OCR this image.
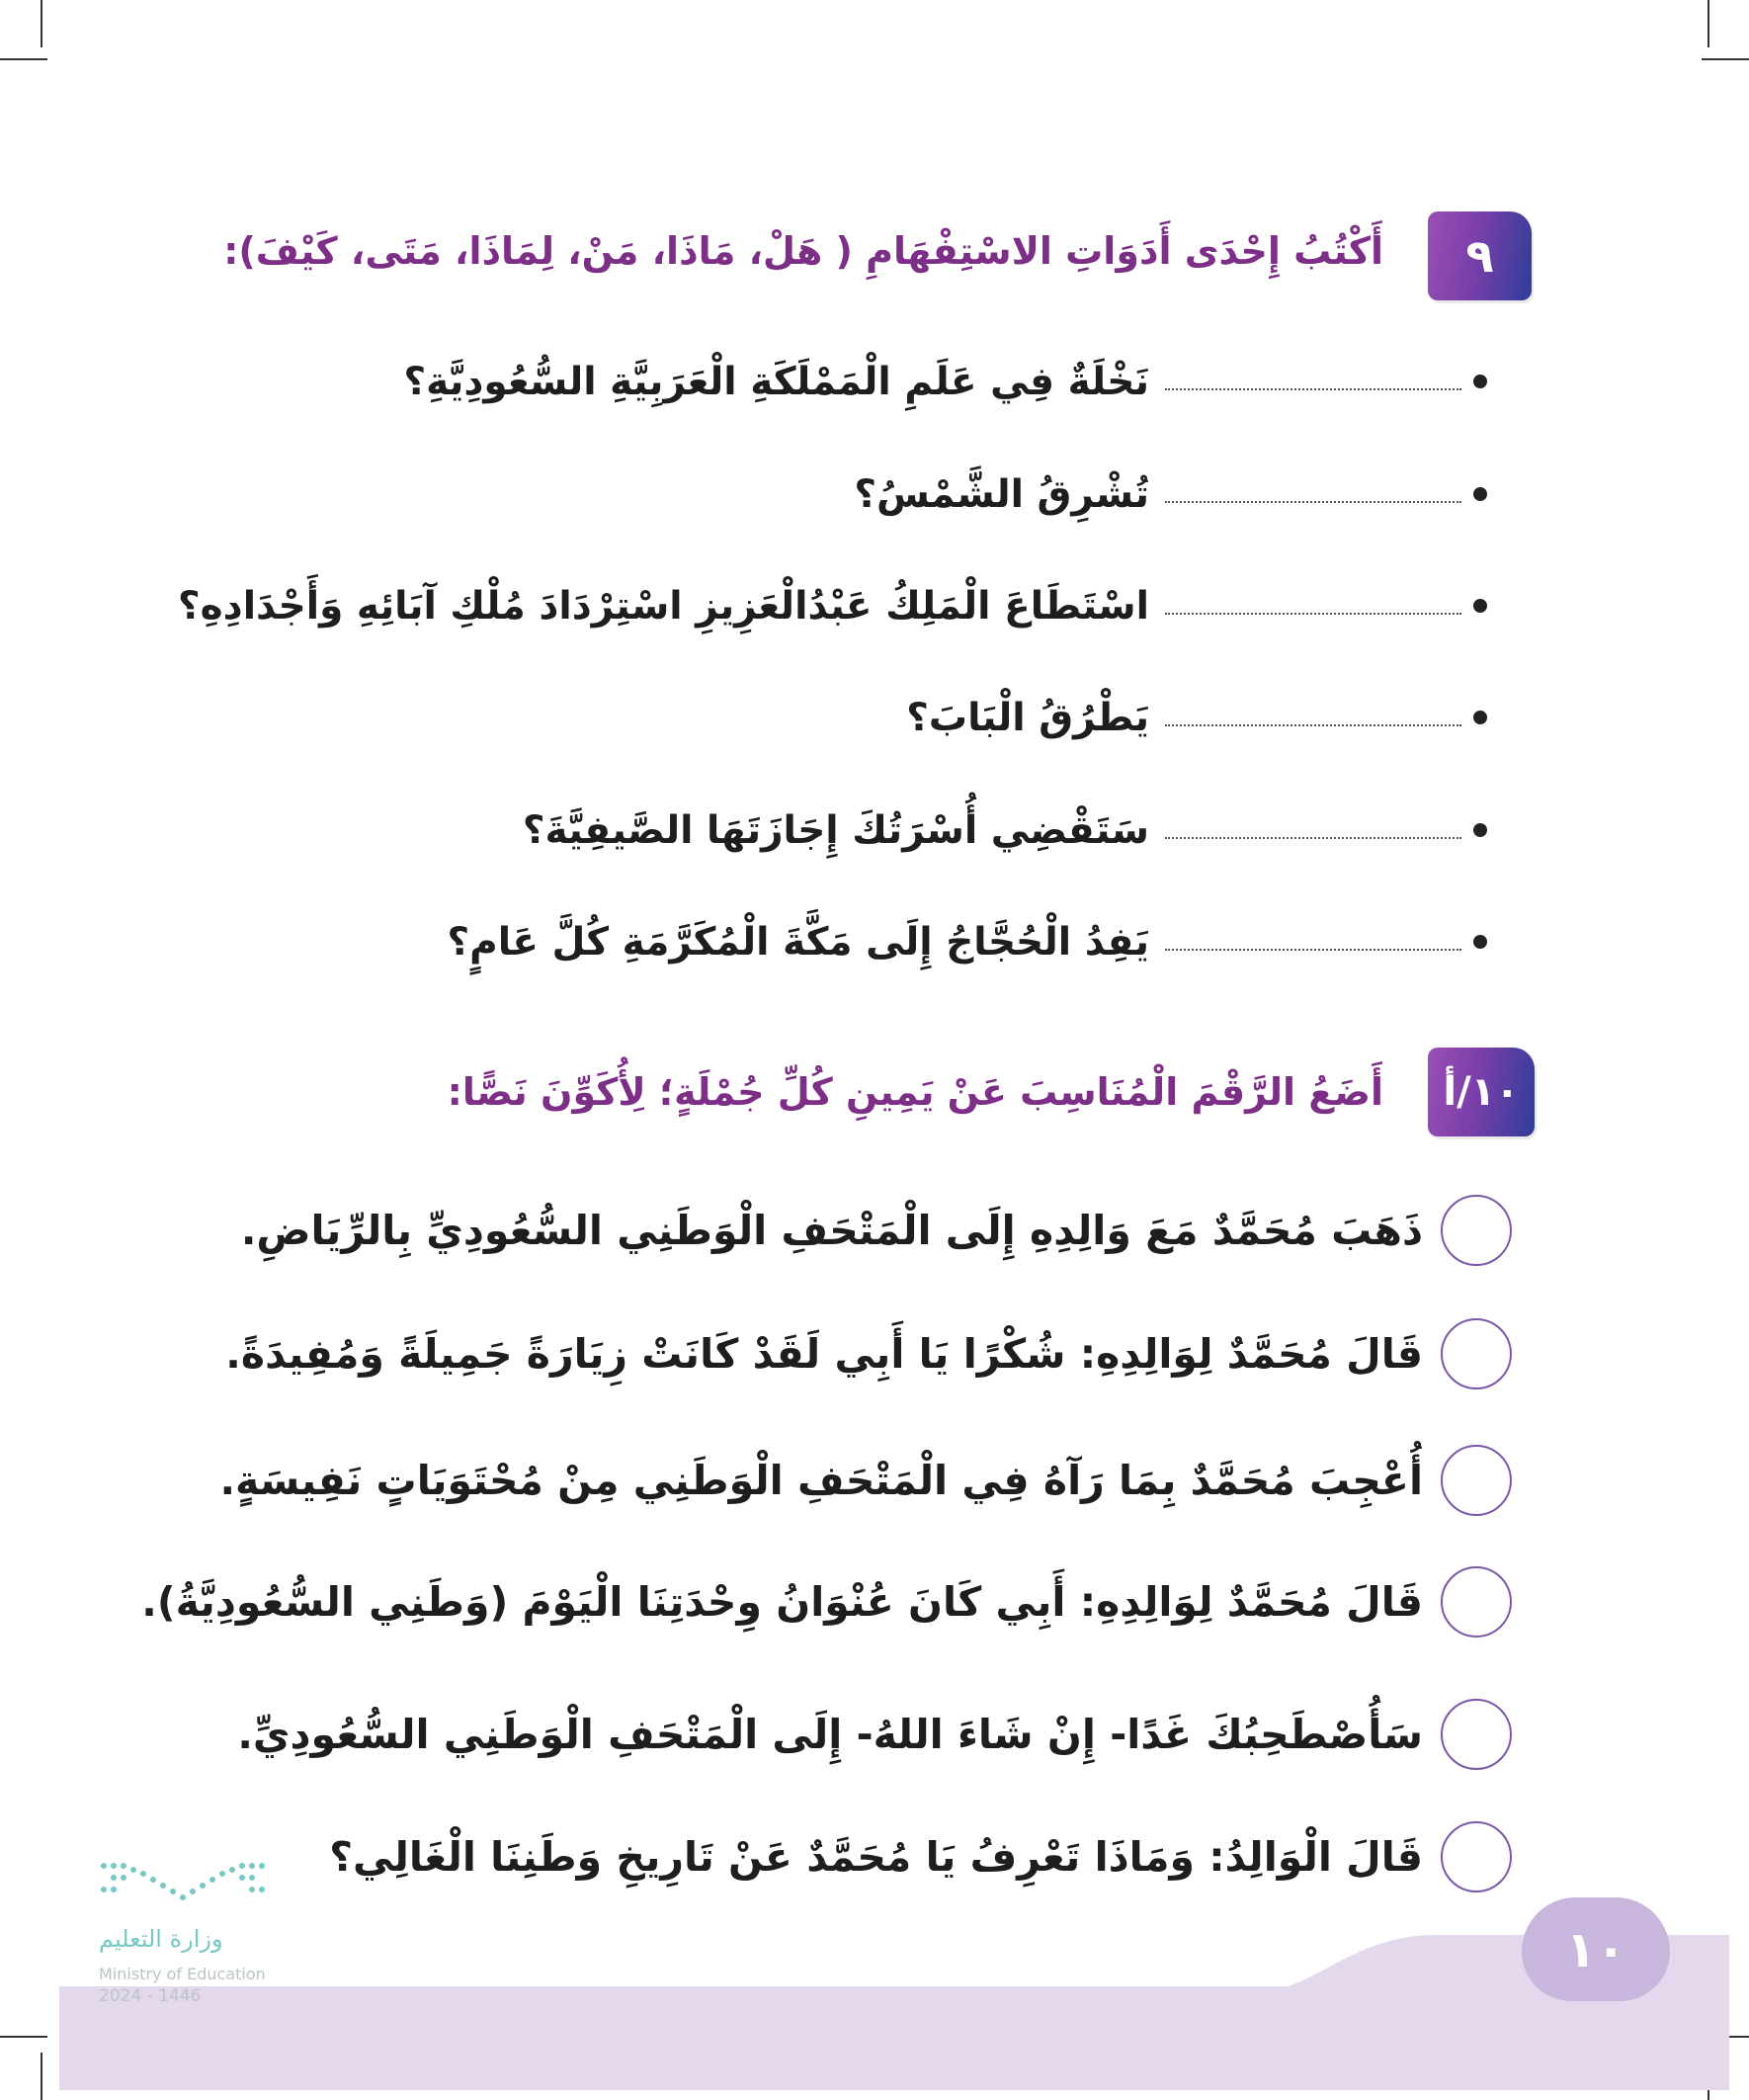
٩
أَكْتُبُ إِحْدَى أَدَوَاتِ الاسْتِفْهَامِ ( هَلْ، مَاذَا، مَنْ، لِمَاذَا، مَتَى، كَيْفَ):
نَخْلَةٌ فِي عَلَمِ الْمَمْلَكَةِ الْعَرَبِيَّةِ السُّعُودِيَّةِ؟
تُشْرِقُ الشَّمْسُ؟
اسْتَطَاعَ الْمَلِكُ عَبْدُالْعَزِيزِ اسْتِرْدَادَ مُلْكِ آبَائِهِ وَأَجْدَادِهِ؟
يَطْرُقُ الْبَابَ؟
سَتَقْضِي أُسْرَتُكَ إِجَازَتَهَا الصَّيفِيَّةَ؟
يَفِدُ الْحُجَّاجُ إِلَى مَكَّةَ الْمُكَرَّمَةِ كُلَّ عَامٍ؟
١٠/أ
أَضَعُ الرَّقْمَ الْمُنَاسِبَ عَنْ يَمِينِ كُلِّ جُمْلَةٍ؛ لِأُكَوِّنَ نَصًّا:
ذَهَبَ مُحَمَّدٌ مَعَ وَالِدِهِ إِلَى الْمَتْحَفِ الْوَطَنِي السُّعُودِيِّ بِالرِّيَاضِ.
قَالَ مُحَمَّدٌ لِوَالِدِهِ: شُكْرًا يَا أَبِي لَقَدْ كَانَتْ زِيَارَةً جَمِيلَةً وَمُفِيدَةً.
أُعْجِبَ مُحَمَّدٌ بِمَا رَآهُ فِي الْمَتْحَفِ الْوَطَنِي مِنْ مُحْتَوَيَاتٍ نَفِيسَةٍ.
قَالَ مُحَمَّدٌ لِوَالِدِهِ: أَبِي كَانَ عُنْوَانُ وِحْدَتِنَا الْيَوْمَ (وَطَنِي السُّعُودِيَّةُ).
سَأُصْطَحِبُكَ غَدًا- إِنْ شَاءَ اللهُ- إِلَى الْمَتْحَفِ الْوَطَنِي السُّعُودِيِّ.
قَالَ الْوَالِدُ: وَمَاذَا تَعْرِفُ يَا مُحَمَّدٌ عَنْ تَارِيخِ وَطَنِنَا الْغَالِي؟
١٠
وزارة التعليم
Ministry of Education
2024 - 1446
